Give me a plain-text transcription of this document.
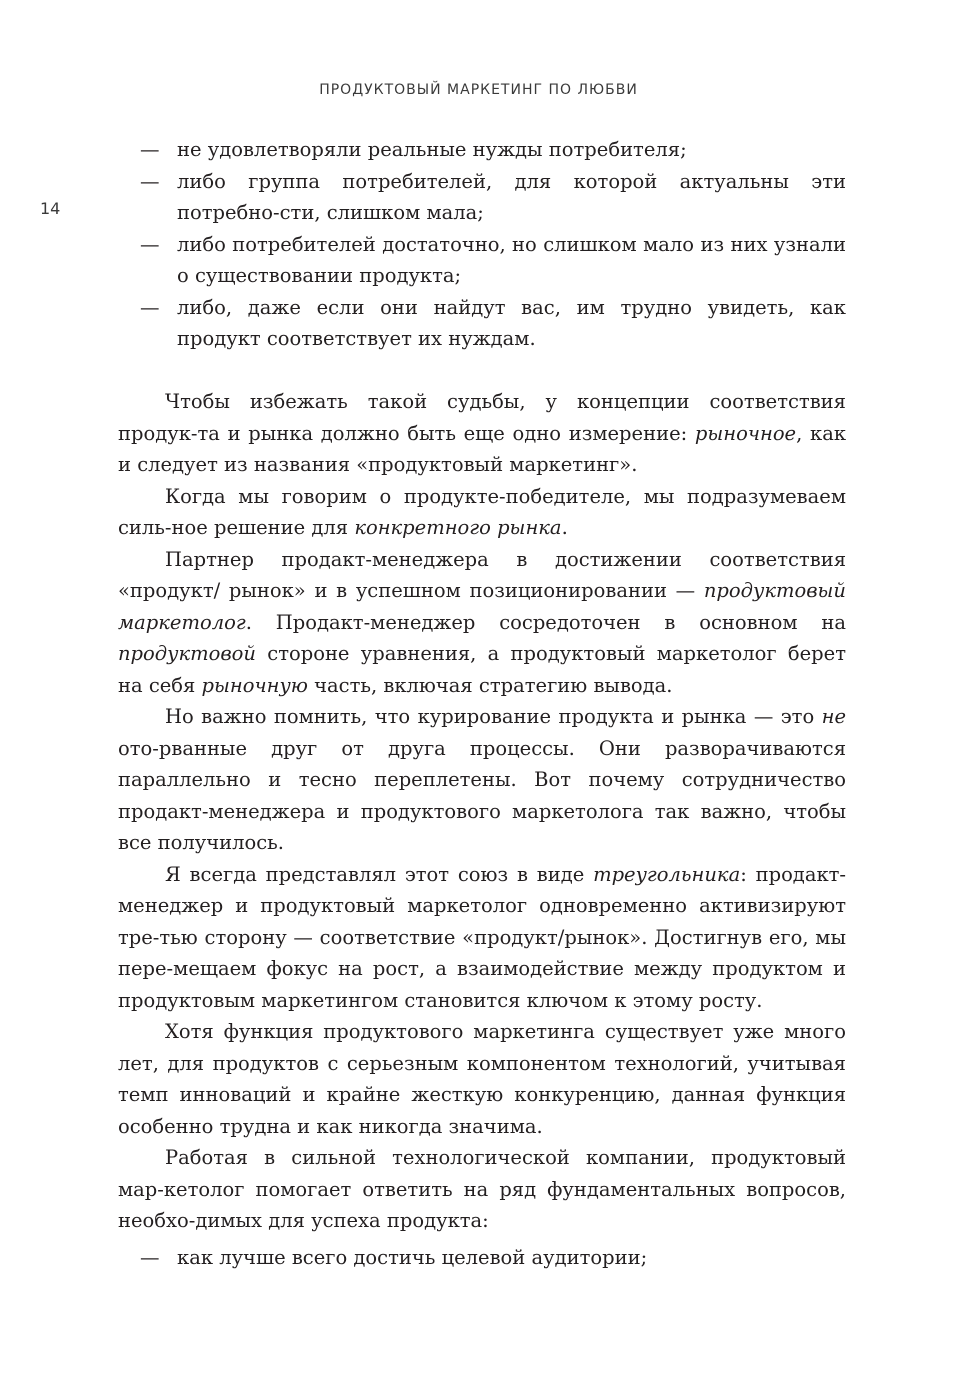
ПРОДУКТОВЫЙ МАРКЕТИНГ ПО ЛЮБВИ
14
— не удовлетворяли реальные нужды потребителя;
— либо группа потребителей, для которой актуальны эти потребно-сти, слишком мала;
— либо потребителей достаточно, но слишком мало из них узнали о существовании продукта;
— либо, даже если они найдут вас, им трудно увидеть, как продукт соответствует их нуждам.

Чтобы избежать такой судьбы, у концепции соответствия продук-та и рынка должно быть еще одно измерение: рыночное, как и следует из названия «продуктовый маркетинг».

Когда мы говорим о продукте-победителе, мы подразумеваем силь-ное решение для конкретного рынка.

Партнер продакт-менеджера в достижении соответствия «продукт/ рынок» и в успешном позиционировании — продуктовый маркетолог. Продакт-менеджер сосредоточен в основном на продуктовой стороне уравнения, а продуктовый маркетолог берет на себя рыночную часть, включая стратегию вывода.

Но важно помнить, что курирование продукта и рынка — это не ото-рванные друг от друга процессы. Они разворачиваются параллельно и тесно переплетены. Вот почему сотрудничество продакт-менеджера и продуктового маркетолога так важно, чтобы все получилось.

Я всегда представлял этот союз в виде треугольника: продакт-менеджер и продуктовый маркетолог одновременно активизируют тре-тью сторону — соответствие «продукт/рынок». Достигнув его, мы пере-мещаем фокус на рост, а взаимодействие между продуктом и продуктовым маркетингом становится ключом к этому росту.

Хотя функция продуктового маркетинга существует уже много лет, для продуктов с серьезным компонентом технологий, учитывая темп инноваций и крайне жесткую конкуренцию, данная функция особенно трудна и как никогда значима.

Работая в сильной технологической компании, продуктовый мар-кетолог помогает ответить на ряд фундаментальных вопросов, необхо-димых для успеха продукта:

— как лучше всего достичь целевой аудитории;
